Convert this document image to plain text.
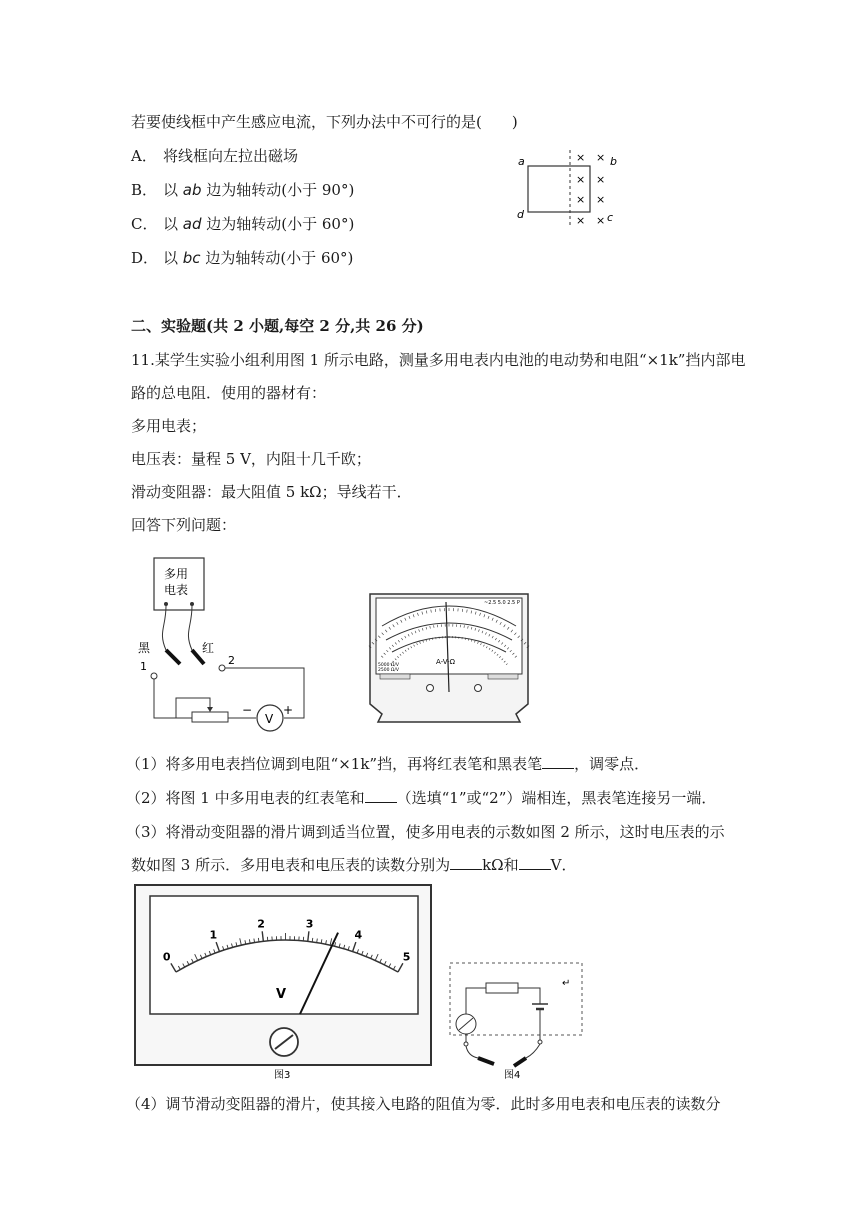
若要使线框中产生感应电流，下列办法中不可行的是(　　)
A． 将线框向左拉出磁场
B． 以 ab 边为轴转动(小于 90°)
C． 以 ad 边为轴转动(小于 60°)
D． 以 bc 边为轴转动(小于 60°)
a	b
c
d
× ×
× ×
× ×
× ×
二、实验题(共 2 小题,每空 2 分,共 26 分)
11.某学生实验小组利用图 1 所示电路，测量多用电表内电池的电动势和电阻“×1k”挡内部电
路的总电阻．使用的器材有：
多用电表；
电压表：量程 5 V，内阻十几千欧；
滑动变阻器：最大阻值 5 kΩ；导线若干．
回答下列问题：
多用
电表
黑	红
1	2
V
−	+
A-V-Ω
~2.5 5.0 2.5 P
5000 Ω/V
2500 Ω/V
（1）将多用电表挡位调到电阻“×1k”挡，再将红表笔和黑表笔 ，调零点．
（2）将图 1 中多用电表的红表笔和 （选填“1”或“2”）端相连，黑表笔连接另一端．
（3）将滑动变阻器的滑片调到适当位置，使多用电表的示数如图 2 所示，这时电压表的示
数如图 3 所示．多用电表和电压表的读数分别为 kΩ和 V．
0
1
2	3
4
5
V
图3
↵
图4
（4）调节滑动变阻器的滑片，使其接入电路的阻值为零．此时多用电表和电压表的读数分
